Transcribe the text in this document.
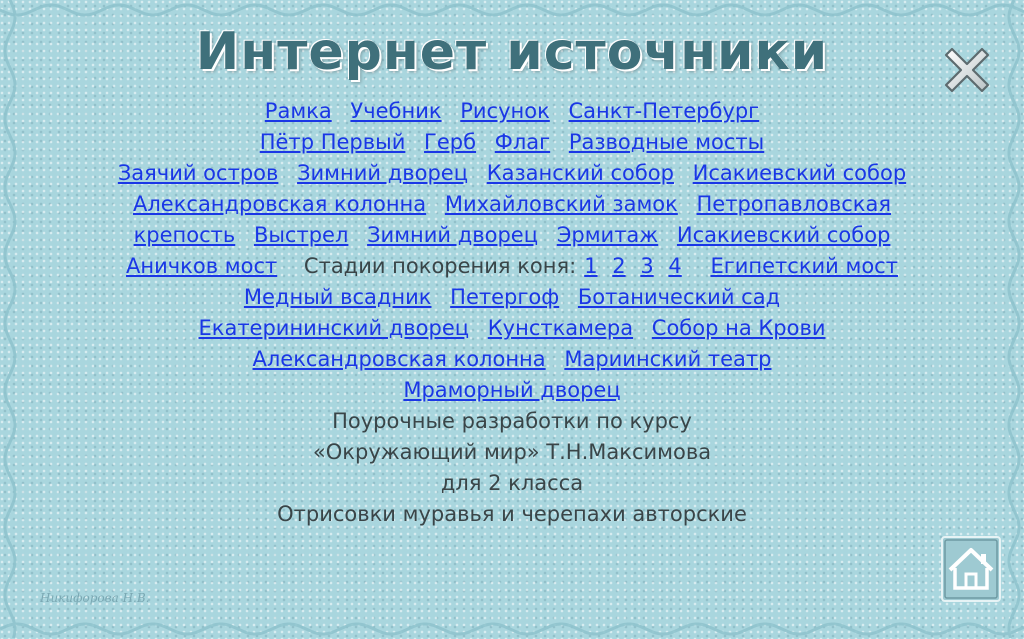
Интернет источники
Рамка Учебник Рисунок Санкт-Петербург
Пётр Первый Герб Флаг Разводные мосты
Заячий остров Зимний дворец Казанский собор Исакиевский собор
Александровская колонна Михайловский замок Петропавловская
крепость Выстрел Зимний дворец Эрмитаж Исакиевский собор
Аничков мост Стадии покорения коня: 1 2 3 4 Египетский мост
Медный всадник Петергоф Ботанический сад
Екатерининский дворец Кунсткамера Собор на Крови
Александровская колонна Мариинский театр
Мраморный дворец
Поурочные разработки по курсу
«Окружающий мир» Т.Н.Максимова
для 2 класса
Отрисовки муравья и черепахи авторские
Никифорова Н.В.
